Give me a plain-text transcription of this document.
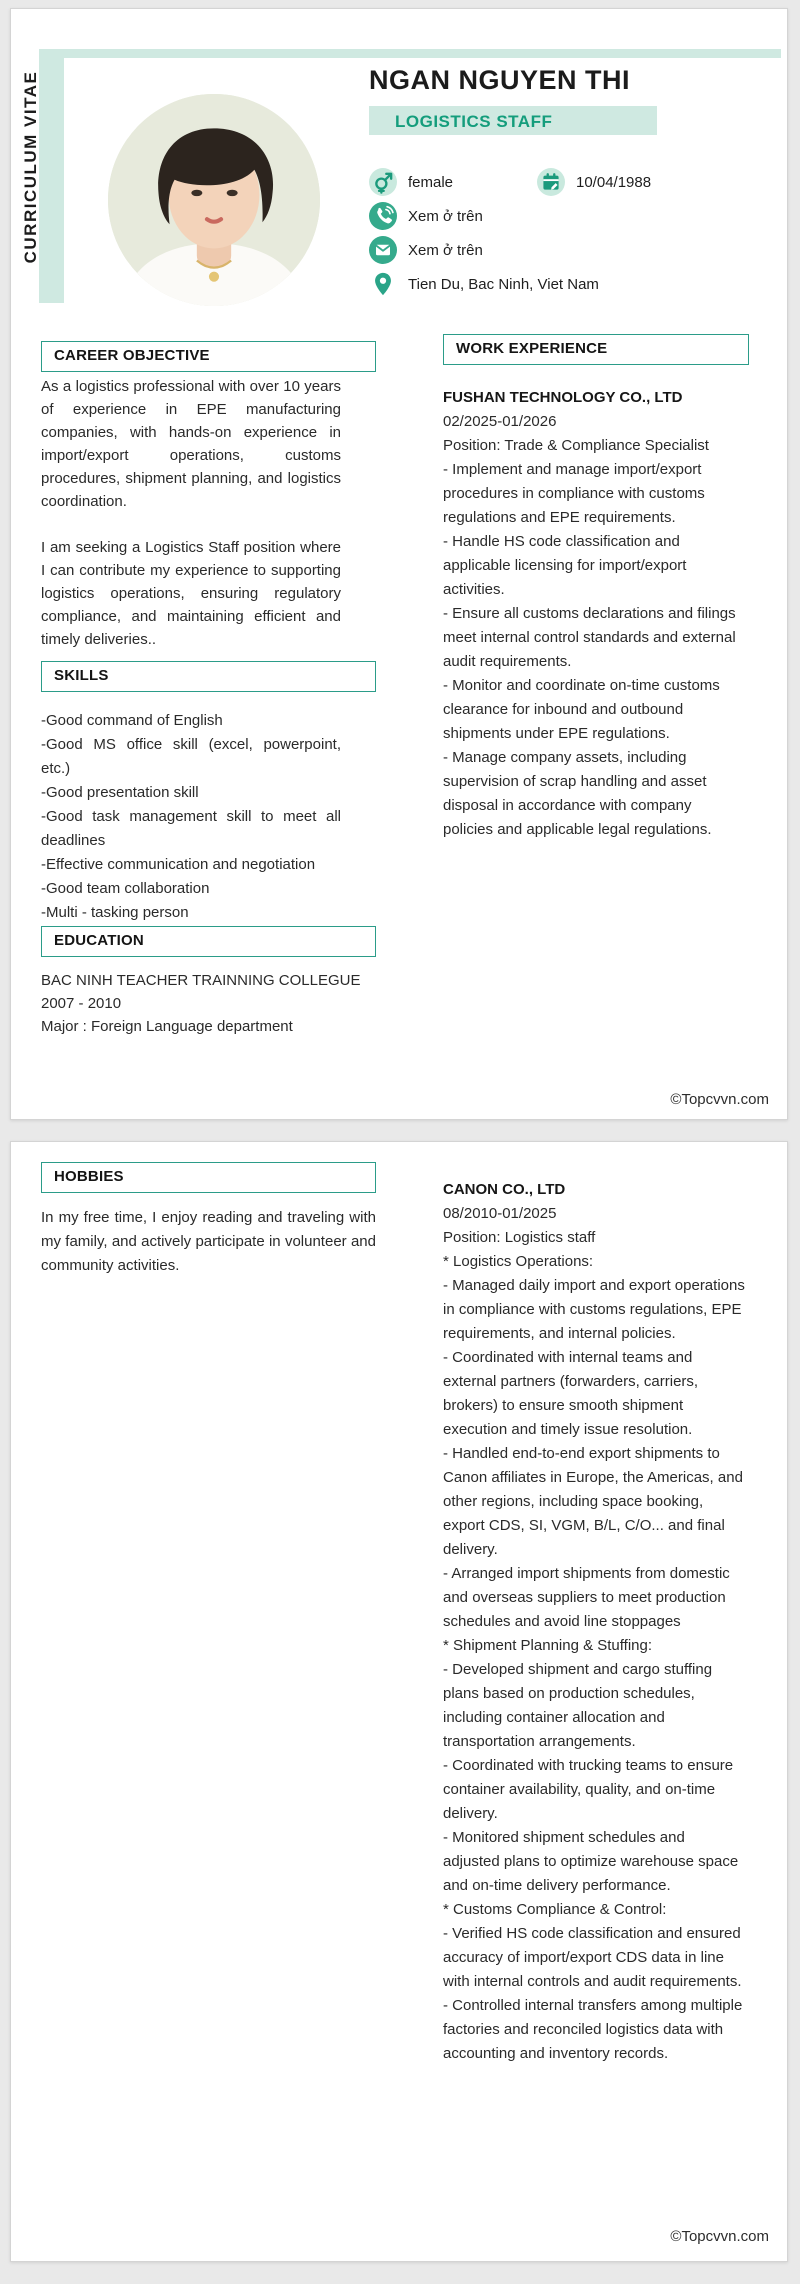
CURRICULUM VITAE	NGAN NGUYEN THI
LOGISTICS STAFF
female	10/04/1988
Xem ở trên
Xem ở trên
Tien Du, Bac Ninh, Viet Nam
CAREER OBJECTIVE
As a logistics professional with over 10 years of experience in EPE manufacturing companies, with hands-on experience in import/export operations, customs procedures, shipment planning, and logistics coordination.
I am seeking a Logistics Staff position where I can contribute my experience to supporting logistics operations, ensuring regulatory compliance, and maintaining efficient and timely deliveries..
SKILLS
-Good command of English
-Good MS office skill (excel, powerpoint, etc.)
-Good presentation skill
-Good task management skill to meet all deadlines
-Effective communication and negotiation
-Good team collaboration
-Multi - tasking person
EDUCATION
BAC NINH TEACHER TRAINNING COLLEGUE
2007 - 2010
Major : Foreign Language department
WORK EXPERIENCE
FUSHAN TECHNOLOGY CO., LTD
02/2025-01/2026
Position: Trade & Compliance Specialist
- Implement and manage import/export procedures in compliance with customs regulations and EPE requirements.
- Handle HS code classification and applicable licensing for import/export activities.
- Ensure all customs declarations and filings meet internal control standards and external audit requirements.
- Monitor and coordinate on-time customs clearance for inbound and outbound shipments under EPE regulations.
- Manage company assets, including supervision of scrap handling and asset disposal in accordance with company policies and applicable legal regulations.
©Topcvvn.com
HOBBIES
In my free time, I enjoy reading and traveling with my family, and actively participate in volunteer and community activities.
CANON CO., LTD
08/2010-01/2025
Position: Logistics staff
* Logistics Operations:
- Managed daily import and export operations in compliance with customs regulations, EPE requirements, and internal policies.
- Coordinated with internal teams and external partners (forwarders, carriers, brokers) to ensure smooth shipment execution and timely issue resolution.
- Handled end-to-end export shipments to Canon affiliates in Europe, the Americas, and other regions, including space booking, export CDS, SI, VGM, B/L, C/O... and final delivery.
- Arranged import shipments from domestic and overseas suppliers to meet production schedules and avoid line stoppages
* Shipment Planning & Stuffing:
- Developed shipment and cargo stuffing plans based on production schedules, including container allocation and transportation arrangements.
- Coordinated with trucking teams to ensure container availability, quality, and on-time delivery.
- Monitored shipment schedules and adjusted plans to optimize warehouse space and on-time delivery performance.
* Customs Compliance & Control:
- Verified HS code classification and ensured accuracy of import/export CDS data in line with internal controls and audit requirements.
- Controlled internal transfers among multiple factories and reconciled logistics data with accounting and inventory records.
©Topcvvn.com
